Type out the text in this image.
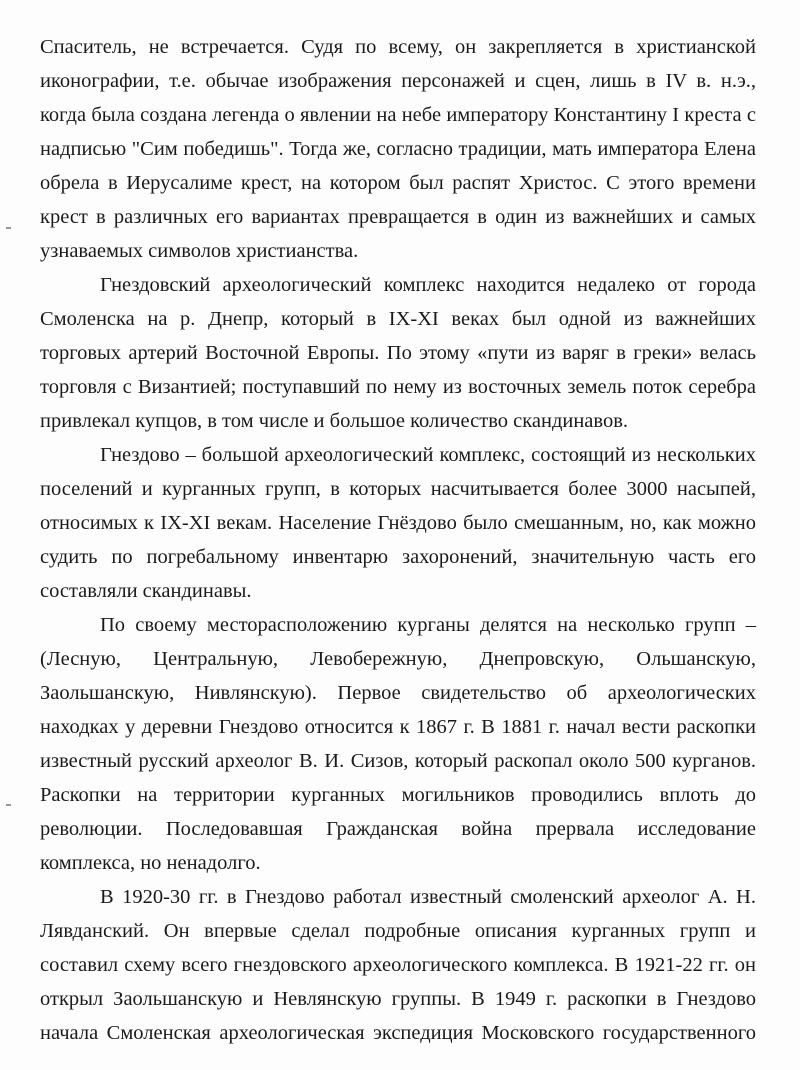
Спаситель, не встречается. Судя по всему, он закрепляется в христианской иконографии, т.е. обычае изображения персонажей и сцен, лишь в IV в. н.э., когда была создана легенда о явлении на небе императору Константину I креста с надписью "Сим победишь". Тогда же, согласно традиции, мать императора Елена обрела в Иерусалиме крест, на котором был распят Христос. С этого времени крест в различных его вариантах превращается в один из важнейших и самых узнаваемых символов христианства.

Гнездовский археологический комплекс находится недалеко от города Смоленска на р. Днепр, который в IX-XI веках был одной из важнейших торговых артерий Восточной Европы. По этому «пути из варяг в греки» велась торговля с Византией; поступавший по нему из восточных земель поток серебра привлекал купцов, в том числе и большое количество скандинавов.

Гнездово – большой археологический комплекс, состоящий из нескольких поселений и курганных групп, в которых насчитывается более 3000 насыпей, относимых к IX-XI векам. Население Гнёздово было смешанным, но, как можно судить по погребальному инвентарю захоронений, значительную часть его составляли скандинавы.

По своему месторасположению курганы делятся на несколько групп – (Лесную, Центральную, Левобережную, Днепровскую, Ольшанскую, Заольшанскую, Нивлянскую). Первое свидетельство об археологических находках у деревни Гнездово относится к 1867 г. В 1881 г. начал вести раскопки известный русский археолог В. И. Сизов, который раскопал около 500 курганов. Раскопки на территории курганных могильников проводились вплоть до революции. Последовавшая Гражданская война прервала исследование комплекса, но ненадолго.

В 1920-30 гг. в Гнездово работал известный смоленский археолог А. Н. Лявданский. Он впервые сделал подробные описания курганных групп и составил схему всего гнездовского археологического комплекса. В 1921-22 гг. он открыл Заольшанскую и Невлянскую группы. В 1949 г. раскопки в Гнездово начала Смоленская археологическая экспедиция Московского государственного
